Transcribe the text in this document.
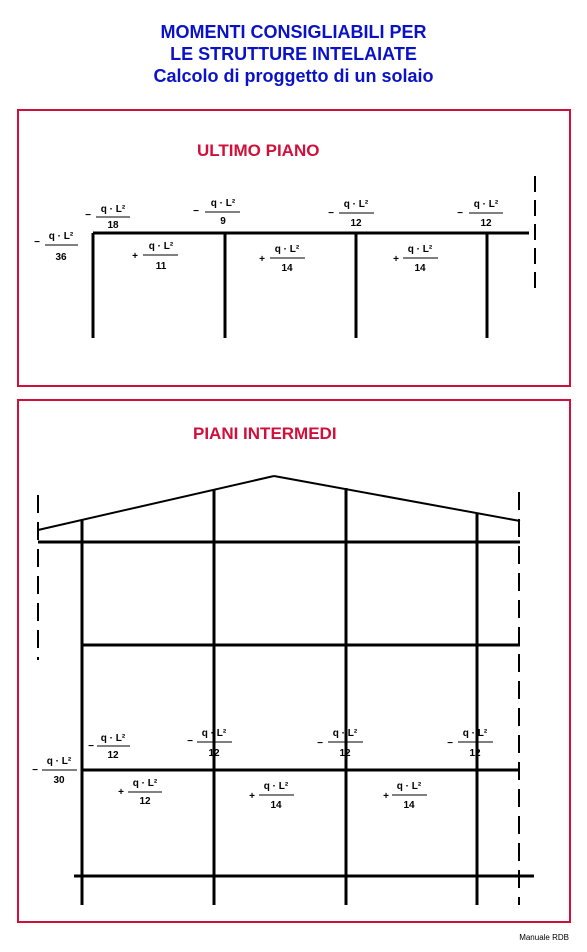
MOMENTI CONSIGLIABILI PER
LE STRUTTURE INTELAIATE
Calcolo di proggetto di un solaio
ULTIMO PIANO
PIANI INTERMEDI
−
q · L²
36
−
q · L²
18
−
q · L²
9
−
q · L²
12
−
q · L²
12
+
q · L²
11
+
q · L²
14
+
q · L²
14
−
q · L²
30
−
q · L²
12
−
q · L²
12
−
q · L²
12
−
q · L²
12
+
q · L²
12	+
q · L²
14
+
q · L²
14
Manuale RDB
